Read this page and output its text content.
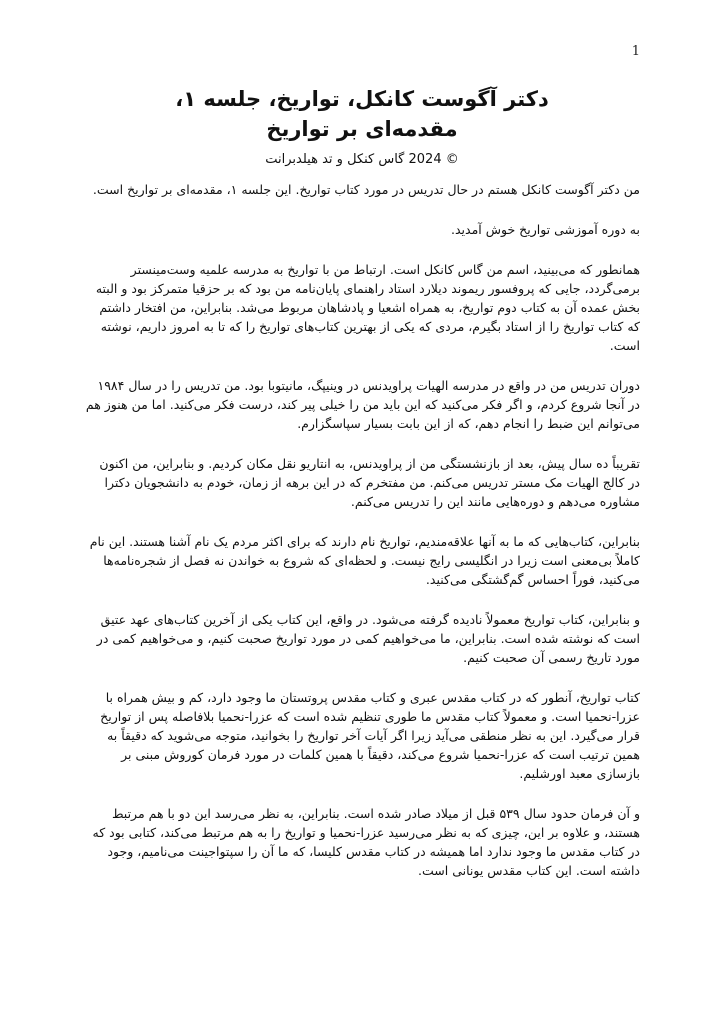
1
دکتر آگوست کانکل، تواریخ، جلسه ۱،
مقدمه‌ای بر تواریخ
© 2024 گاس کنکل و تد هیلدبرانت

من دکتر آگوست کانکل هستم در حال تدریس در مورد کتاب تواریخ. این جلسه ۱، مقدمه‌ای بر تواریخ است.

به دوره آموزشی تواریخ خوش آمدید.

همانطور که می‌بینید، اسم من گاس کانکل است. ارتباط من با تواریخ به مدرسه علمیه وست‌مینستر برمی‌گردد، جایی که پروفسور ریموند دیلارد استاد راهنمای پایان‌نامه من بود که بر حزقیا متمرکز بود و البته بخش عمده آن به کتاب دوم تواریخ، به همراه اشعیا و پادشاهان مربوط می‌شد. بنابراین، من افتخار داشتم که کتاب تواریخ را از استاد بگیرم، مردی که یکی از بهترین کتاب‌های تواریخ را که تا به امروز داریم، نوشته است.

دوران تدریس من در واقع در مدرسه الهیات پراویدنس در وینیپگ، مانیتوبا بود. من تدریس را در سال ۱۹۸۴ در آنجا شروع کردم، و اگر فکر می‌کنید که این باید من را خیلی پیر کند، درست فکر می‌کنید. اما من هنوز هم می‌توانم این ضبط را انجام دهم، که از این بابت بسیار سپاسگزارم.

تقریباً ده سال پیش، بعد از بازنشستگی من از پراویدنس، به انتاریو نقل مکان کردیم. و بنابراین، من اکنون در کالج الهیات مک مستر تدریس می‌کنم. من مفتخرم که در این برهه از زمان، خودم به دانشجویان دکترا مشاوره می‌دهم و دوره‌هایی مانند این را تدریس می‌کنم.

بنابراین، کتاب‌هایی که ما به آنها علاقه‌مندیم، تواریخ نام دارند که برای اکثر مردم یک نام آشنا هستند. این نام کاملاً بی‌معنی است زیرا در انگلیسی رایج نیست. و لحظه‌ای که شروع به خواندن نه فصل از شجره‌نامه‌ها می‌کنید، فوراً احساس گم‌گشتگی می‌کنید.

و بنابراین، کتاب تواریخ معمولاً نادیده گرفته می‌شود. در واقع، این کتاب یکی از آخرین کتاب‌های عهد عتیق است که نوشته شده است. بنابراین، ما می‌خواهیم کمی در مورد تواریخ صحبت کنیم، و می‌خواهیم کمی در مورد تاریخ رسمی آن صحبت کنیم.

کتاب تواریخ، آنطور که در کتاب مقدس عبری و کتاب مقدس پروتستان ما وجود دارد، کم و بیش همراه با عزرا-نحمیا است. و معمولاً کتاب مقدس ما طوری تنظیم شده است که عزرا-نحمیا بلافاصله پس از تواریخ قرار می‌گیرد. این به نظر منطقی می‌آید زیرا اگر آیات آخر تواریخ را بخوانید، متوجه می‌شوید که دقیقاً به همین ترتیب است که عزرا-نحمیا شروع می‌کند، دقیقاً با همین کلمات در مورد فرمان کوروش مبنی بر بازسازی معبد اورشلیم.

و آن فرمان حدود سال ۵۳۹ قبل از میلاد صادر شده است. بنابراین، به نظر می‌رسد این دو با هم مرتبط هستند، و علاوه بر این، چیزی که به نظر می‌رسید عزرا-نحمیا و تواریخ را به هم مرتبط می‌کند، کتابی بود که در کتاب مقدس ما وجود ندارد اما همیشه در کتاب مقدس کلیسا، که ما آن را سپتواجینت می‌نامیم، وجود داشته است. این کتاب مقدس یونانی است.
